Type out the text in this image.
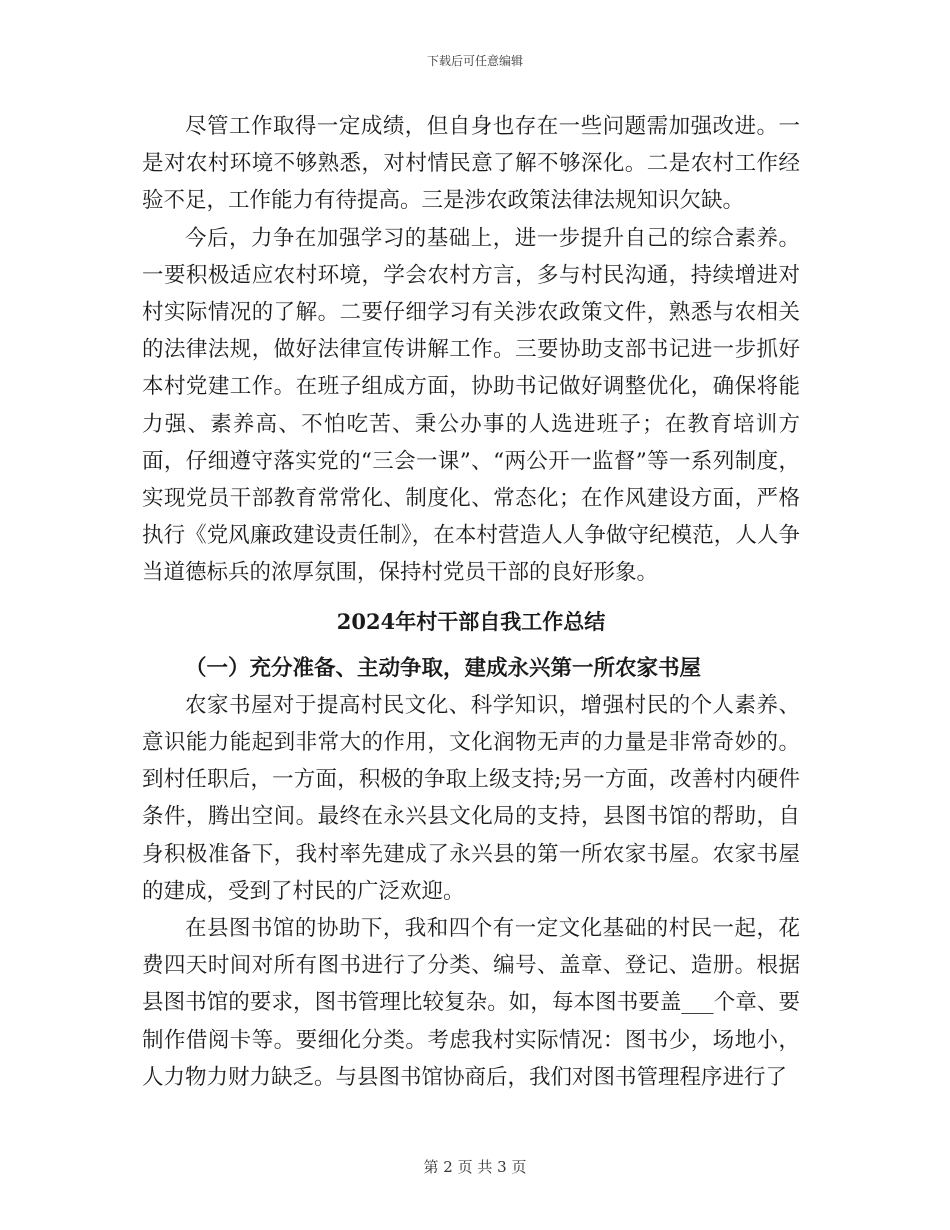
下载后可任意编辑

尽管工作取得一定成绩，但自身也存在一些问题需加强改进。一是对农村环境不够熟悉，对村情民意了解不够深化。二是农村工作经验不足，工作能力有待提高。三是涉农政策法律法规知识欠缺。

今后，力争在加强学习的基础上，进一步提升自己的综合素养。一要积极适应农村环境，学会农村方言，多与村民沟通，持续增进对村实际情况的了解。二要仔细学习有关涉农政策文件，熟悉与农相关的法律法规，做好法律宣传讲解工作。三要协助支部书记进一步抓好本村党建工作。在班子组成方面，协助书记做好调整优化，确保将能力强、素养高、不怕吃苦、秉公办事的人选进班子；在教育培训方面，仔细遵守落实党的“三会一课”、“两公开一监督”等一系列制度，实现党员干部教育常常化、制度化、常态化；在作风建设方面，严格执行《党风廉政建设责任制》，在本村营造人人争做守纪模范，人人争当道德标兵的浓厚氛围，保持村党员干部的良好形象。

2024年村干部自我工作总结
（一）充分准备、主动争取，建成永兴第一所农家书屋

农家书屋对于提高村民文化、科学知识，增强村民的个人素养、意识能力能起到非常大的作用，文化润物无声的力量是非常奇妙的。到村任职后，一方面，积极的争取上级支持;另一方面，改善村内硬件条件，腾出空间。最终在永兴县文化局的支持，县图书馆的帮助，自身积极准备下，我村率先建成了永兴县的第一所农家书屋。农家书屋的建成，受到了村民的广泛欢迎。

在县图书馆的协助下，我和四个有一定文化基础的村民一起，花费四天时间对所有图书进行了分类、编号、盖章、登记、造册。根据县图书馆的要求，图书管理比较复杂。如，每本图书要盖___个章、要制作借阅卡等。要细化分类。考虑我村实际情况：图书少，场地小，人力物力财力缺乏。与县图书馆协商后，我们对图书管理程序进行了

第 2 页 共 3 页
